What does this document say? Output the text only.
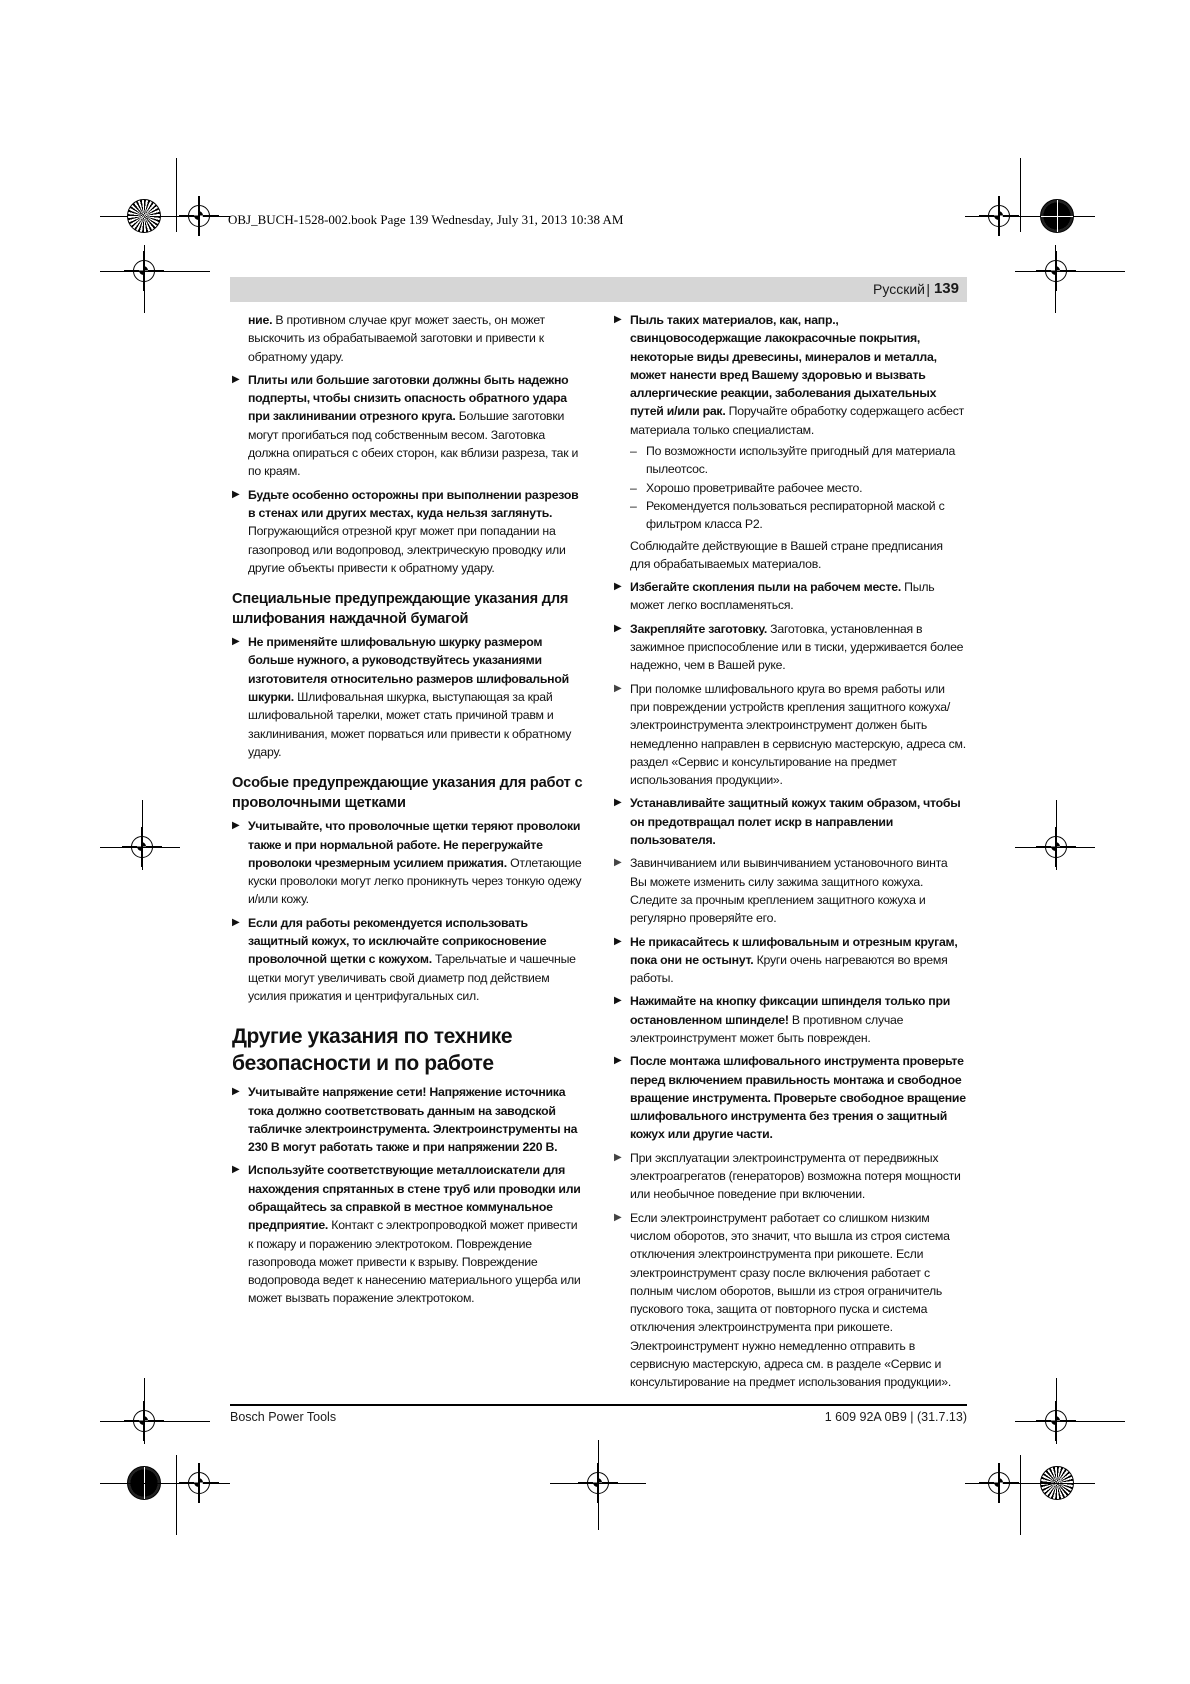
OBJ_BUCH-1528-002.book Page 139 Wednesday, July 31, 2013 10:38 AM
Русский | 139

ние. В противном случае круг может заесть, он может выскочить из обрабатываемой заготовки и привести к обратному удару.

▶ Плиты или большие заготовки должны быть надежно подперты, чтобы снизить опасность обратного удара при заклинивании отрезного круга. Большие заготовки могут прогибаться под собственным весом. Заготовка должна опираться с обеих сторон, как вблизи разреза, так и по краям.
▶ Будьте особенно осторожны при выполнении разрезов в стенах или других местах, куда нельзя заглянуть. Погружающийся отрезной круг может при попадании на газопровод или водопровод, электрическую проводку или другие объекты привести к обратному удару.
Специальные предупреждающие указания для шлифования наждачной бумагой
▶ Не применяйте шлифовальную шкурку размером больше нужного, а руководствуйтесь указаниями изготовителя относительно размеров шлифовальной шкурки. Шлифовальная шкурка, выступающая за край шлифовальной тарелки, может стать причиной травм и заклинивания, может порваться или привести к обратному удару.
Особые предупреждающие указания для работ с проволочными щетками
▶ Учитывайте, что проволочные щетки теряют проволоки также и при нормальной работе. Не перегружайте проволоки чрезмерным усилием прижатия. Отлетающие куски проволоки могут легко проникнуть через тонкую одежу и/или кожу.
▶ Если для работы рекомендуется использовать защитный кожух, то исключайте соприкосновение проволочной щетки с кожухом. Тарельчатые и чашечные щетки могут увеличивать свой диаметр под действием усилия прижатия и центрифугальных сил.
Другие указания по технике безопасности и по работе
▶ Учитывайте напряжение сети! Напряжение источника тока должно соответствовать данным на заводской табличке электроинструмента. Электроинструменты на 230 В могут работать также и при напряжении 220 В.
▶ Используйте соответствующие металлоискатели для нахождения спрятанных в стене труб или проводки или обращайтесь за справкой в местное коммунальное предприятие. Контакт с электропроводкой может привести к пожару и поражению электротоком. Повреждение газопровода может привести к взрыву. Повреждение водопровода ведет к нанесению материального ущерба или может вызвать поражение электротоком.
▶ Пыль таких материалов, как, напр., свинцовосодержащие лакокрасочные покрытия, некоторые виды древесины, минералов и металла, может нанести вред Вашему здоровью и вызвать аллергические реакции, заболевания дыхательных путей и/или рак. Поручайте обработку содержащего асбест материала только специалистам.
– По возможности используйте пригодный для материала пылеотсос.
– Хорошо проветривайте рабочее место.
– Рекомендуется пользоваться респираторной маской с фильтром класса Р2.

Соблюдайте действующие в Вашей стране предписания для обрабатываемых материалов.

▶ Избегайте скопления пыли на рабочем месте. Пыль может легко воспламеняться.
▶ Закрепляйте заготовку. Заготовка, установленная в зажимное приспособление или в тиски, удерживается более надежно, чем в Вашей руке.
▶ При поломке шлифовального круга во время работы или при повреждении устройств крепления защитного кожуха/электроинструмента электроинструмент должен быть немедленно направлен в сервисную мастерскую, адреса см. раздел «Сервис и консультирование на предмет использования продукции».
▶ Устанавливайте защитный кожух таким образом, чтобы он предотвращал полет искр в направлении пользователя.
▶ Завинчиванием или вывинчиванием установочного винта Вы можете изменить силу зажима защитного кожуха. Следите за прочным креплением защитного кожуха и регулярно проверяйте его.
▶ Не прикасайтесь к шлифовальным и отрезным кругам, пока они не остынут. Круги очень нагреваются во время работы.
▶ Нажимайте на кнопку фиксации шпинделя только при остановленном шпинделе! В противном случае электроинструмент может быть поврежден.
▶ После монтажа шлифовального инструмента проверьте перед включением правильность монтажа и свободное вращение инструмента. Проверьте свободное вращение шлифовального инструмента без трения о защитный кожух или другие части.
▶ При эксплуатации электроинструмента от передвижных электроагрегатов (генераторов) возможна потеря мощности или необычное поведение при включении.
▶ Если электроинструмент работает со слишком низким числом оборотов, это значит, что вышла из строя система отключения электроинструмента при рикошете. Если электроинструмент сразу после включения работает с полным числом оборотов, вышли из строя ограничитель пускового тока, защита от повторного пуска и система отключения электроинструмента при рикошете. Электроинструмент нужно немедленно отправить в сервисную мастерскую, адреса см. в разделе «Сервис и консультирование на предмет использования продукции».
Bosch Power Tools	1 609 92A 0B9 | (31.7.13)
